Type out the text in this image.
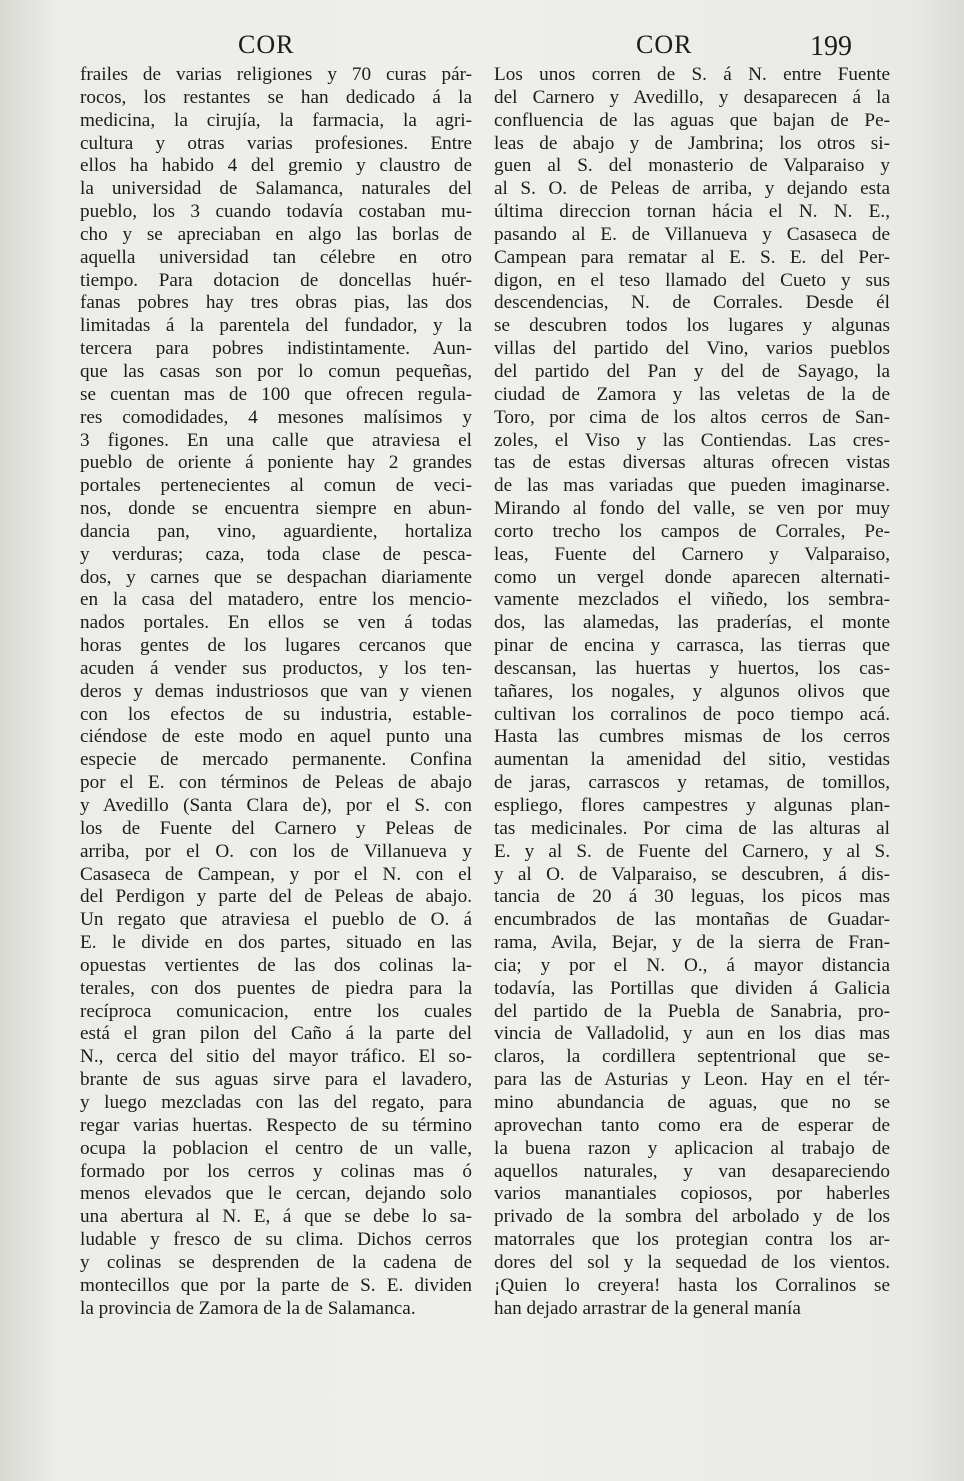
COR	COR	199
frailes de varias religiones y 70 curas pár-
rocos, los restantes se han dedicado á la
medicina, la cirujía, la farmacia, la agri-
cultura y otras varias profesiones. Entre
ellos ha habido 4 del gremio y claustro de
la universidad de Salamanca, naturales del
pueblo, los 3 cuando todavía costaban mu-
cho y se apreciaban en algo las borlas de
aquella universidad tan célebre en otro
tiempo. Para dotacion de doncellas huér-
fanas pobres hay tres obras pias, las dos
limitadas á la parentela del fundador, y la
tercera para pobres indistintamente. Aun-
que las casas son por lo comun pequeñas,
se cuentan mas de 100 que ofrecen regula-
res comodidades, 4 mesones malísimos y
3 figones. En una calle que atraviesa el
pueblo de oriente á poniente hay 2 grandes
portales pertenecientes al comun de veci-
nos, donde se encuentra siempre en abun-
dancia pan, vino, aguardiente, hortaliza
y verduras; caza, toda clase de pesca-
dos, y carnes que se despachan diariamente
en la casa del matadero, entre los mencio-
nados portales. En ellos se ven á todas
horas gentes de los lugares cercanos que
acuden á vender sus productos, y los ten-
deros y demas industriosos que van y vienen
con los efectos de su industria, estable-
ciéndose de este modo en aquel punto una
especie de mercado permanente. Confina
por el E. con términos de Peleas de abajo
y Avedillo (Santa Clara de), por el S. con
los de Fuente del Carnero y Peleas de
arriba, por el O. con los de Villanueva y
Casaseca de Campean, y por el N. con el
del Perdigon y parte del de Peleas de abajo.
Un regato que atraviesa el pueblo de O. á
E. le divide en dos partes, situado en las
opuestas vertientes de las dos colinas la-
terales, con dos puentes de piedra para la
recíproca comunicacion, entre los cuales
está el gran pilon del Caño á la parte del
N., cerca del sitio del mayor tráfico. El so-
brante de sus aguas sirve para el lavadero,
y luego mezcladas con las del regato, para
regar varias huertas. Respecto de su término
ocupa la poblacion el centro de un valle,
formado por los cerros y colinas mas ó
menos elevados que le cercan, dejando solo
una abertura al N. E, á que se debe lo sa-
ludable y fresco de su clima. Dichos cerros
y colinas se desprenden de la cadena de
montecillos que por la parte de S. E. dividen
la provincia de Zamora de la de Salamanca.
Los unos corren de S. á N. entre Fuente
del Carnero y Avedillo, y desaparecen á la
confluencia de las aguas que bajan de Pe-
leas de abajo y de Jambrina; los otros si-
guen al S. del monasterio de Valparaiso y
al S. O. de Peleas de arriba, y dejando esta
última direccion tornan hácia el N. N. E.,
pasando al E. de Villanueva y Casaseca de
Campean para rematar al E. S. E. del Per-
digon, en el teso llamado del Cueto y sus
descendencias, N. de Corrales. Desde él
se descubren todos los lugares y algunas
villas del partido del Vino, varios pueblos
del partido del Pan y del de Sayago, la
ciudad de Zamora y las veletas de la de
Toro, por cima de los altos cerros de San-
zoles, el Viso y las Contiendas. Las cres-
tas de estas diversas alturas ofrecen vistas
de las mas variadas que pueden imaginarse.
Mirando al fondo del valle, se ven por muy
corto trecho los campos de Corrales, Pe-
leas, Fuente del Carnero y Valparaiso,
como un vergel donde aparecen alternati-
vamente mezclados el viñedo, los sembra-
dos, las alamedas, las praderías, el monte
pinar de encina y carrasca, las tierras que
descansan, las huertas y huertos, los cas-
tañares, los nogales, y algunos olivos que
cultivan los corralinos de poco tiempo acá.
Hasta las cumbres mismas de los cerros
aumentan la amenidad del sitio, vestidas
de jaras, carrascos y retamas, de tomillos,
espliego, flores campestres y algunas plan-
tas medicinales. Por cima de las alturas al
E. y al S. de Fuente del Carnero, y al S.
y al O. de Valparaiso, se descubren, á dis-
tancia de 20 á 30 leguas, los picos mas
encumbrados de las montañas de Guadar-
rama, Avila, Bejar, y de la sierra de Fran-
cia; y por el N. O., á mayor distancia
todavía, las Portillas que dividen á Galicia
del partido de la Puebla de Sanabria, pro-
vincia de Valladolid, y aun en los dias mas
claros, la cordillera septentrional que se-
para las de Asturias y Leon. Hay en el tér-
mino abundancia de aguas, que no se
aprovechan tanto como era de esperar de
la buena razon y aplicacion al trabajo de
aquellos naturales, y van desapareciendo
varios manantiales copiosos, por haberles
privado de la sombra del arbolado y de los
matorrales que los protegian contra los ar-
dores del sol y la sequedad de los vientos.
¡Quien lo creyera! hasta los Corralinos se
han dejado arrastrar de la general manía
